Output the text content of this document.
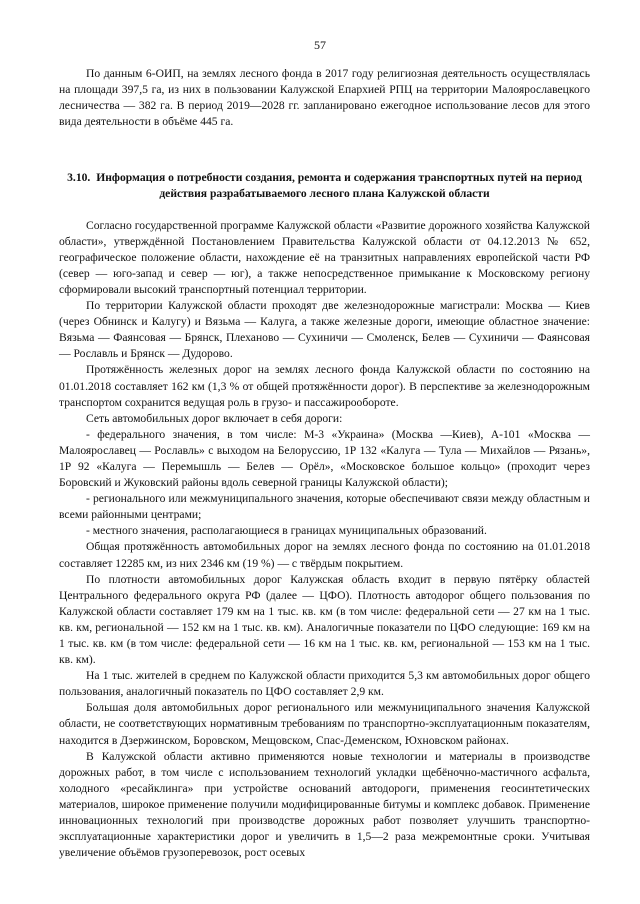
57

По данным 6-ОИП, на землях лесного фонда в 2017 году религиозная деятельность осуществлялась на площади 397,5 га, из них в пользовании Калужской Епархией РПЦ на территории Малоярославецкого лесничества — 382 га. В период 2019—2028 гг. запланировано ежегодное использование лесов для этого вида деятельности в объёме 445 га.

3.10. Информация о потребности создания, ремонта и содержания транспортных путей на период действия разрабатываемого лесного плана Калужской области

Согласно государственной программе Калужской области «Развитие дорожного хозяйства Калужской области», утверждённой Постановлением Правительства Калужской области от 04.12.2013 № 652, географическое положение области, нахождение её на транзитных направлениях европейской части РФ (север — юго-запад и север — юг), а также непосредственное примыкание к Московскому региону сформировали высокий транспортный потенциал территории.

По территории Калужской области проходят две железнодорожные магистрали: Москва — Киев (через Обнинск и Калугу) и Вязьма — Калуга, а также железные дороги, имеющие областное значение: Вязьма — Фаянсовая — Брянск, Плеханово — Сухиничи — Смоленск, Белев — Сухиничи — Фаянсовая — Рославль и Брянск — Дудорово.

Протяжённость железных дорог на землях лесного фонда Калужской области по состоянию на 01.01.2018 составляет 162 км (1,3 % от общей протяжённости дорог). В перспективе за железнодорожным транспортом сохранится ведущая роль в грузо- и пассажирообороте.

Сеть автомобильных дорог включает в себя дороги:

- федерального значения, в том числе: М-3 «Украина» (Москва —Киев), А-101 «Москва — Малоярославец — Рославль» с выходом на Белоруссию, 1Р 132 «Калуга — Тула — Михайлов — Рязань», 1Р 92 «Калуга — Перемышль — Белев — Орёл», «Московское большое кольцо» (проходит через Боровский и Жуковский районы вдоль северной границы Калужской области);

- регионального или межмуниципального значения, которые обеспечивают связи между областным и всеми районными центрами;

- местного значения, располагающиеся в границах муниципальных образований.

Общая протяжённость автомобильных дорог на землях лесного фонда по состоянию на 01.01.2018 составляет 12285 км, из них 2346 км (19 %) — с твёрдым покрытием.

По плотности автомобильных дорог Калужская область входит в первую пятёрку областей Центрального федерального округа РФ (далее — ЦФО). Плотность автодорог общего пользования по Калужской области составляет 179 км на 1 тыс. кв. км (в том числе: федеральной сети — 27 км на 1 тыс. кв. км, региональной — 152 км на 1 тыс. кв. км). Аналогичные показатели по ЦФО следующие: 169 км на 1 тыс. кв. км (в том числе: федеральной сети — 16 км на 1 тыс. кв. км, региональной — 153 км на 1 тыс. кв. км).

На 1 тыс. жителей в среднем по Калужской области приходится 5,3 км автомобильных дорог общего пользования, аналогичный показатель по ЦФО составляет 2,9 км.

Большая доля автомобильных дорог регионального или межмуниципального значения Калужской области, не соответствующих нормативным требованиям по транспортно-эксплуатационным показателям, находится в Дзержинском, Боровском, Мещовском, Спас-Деменском, Юхновском районах.

В Калужской области активно применяются новые технологии и материалы в производстве дорожных работ, в том числе с использованием технологий укладки щебёночно-мастичного асфальта, холодного «ресайклинга» при устройстве оснований автодороги, применения геосинтетических материалов, широкое применение получили модифицированные битумы и комплекс добавок. Применение инновационных технологий при производстве дорожных работ позволяет улучшить транспортно-эксплуатационные характеристики дорог и увеличить в 1,5—2 раза межремонтные сроки. Учитывая увеличение объёмов грузоперевозок, рост осевых
